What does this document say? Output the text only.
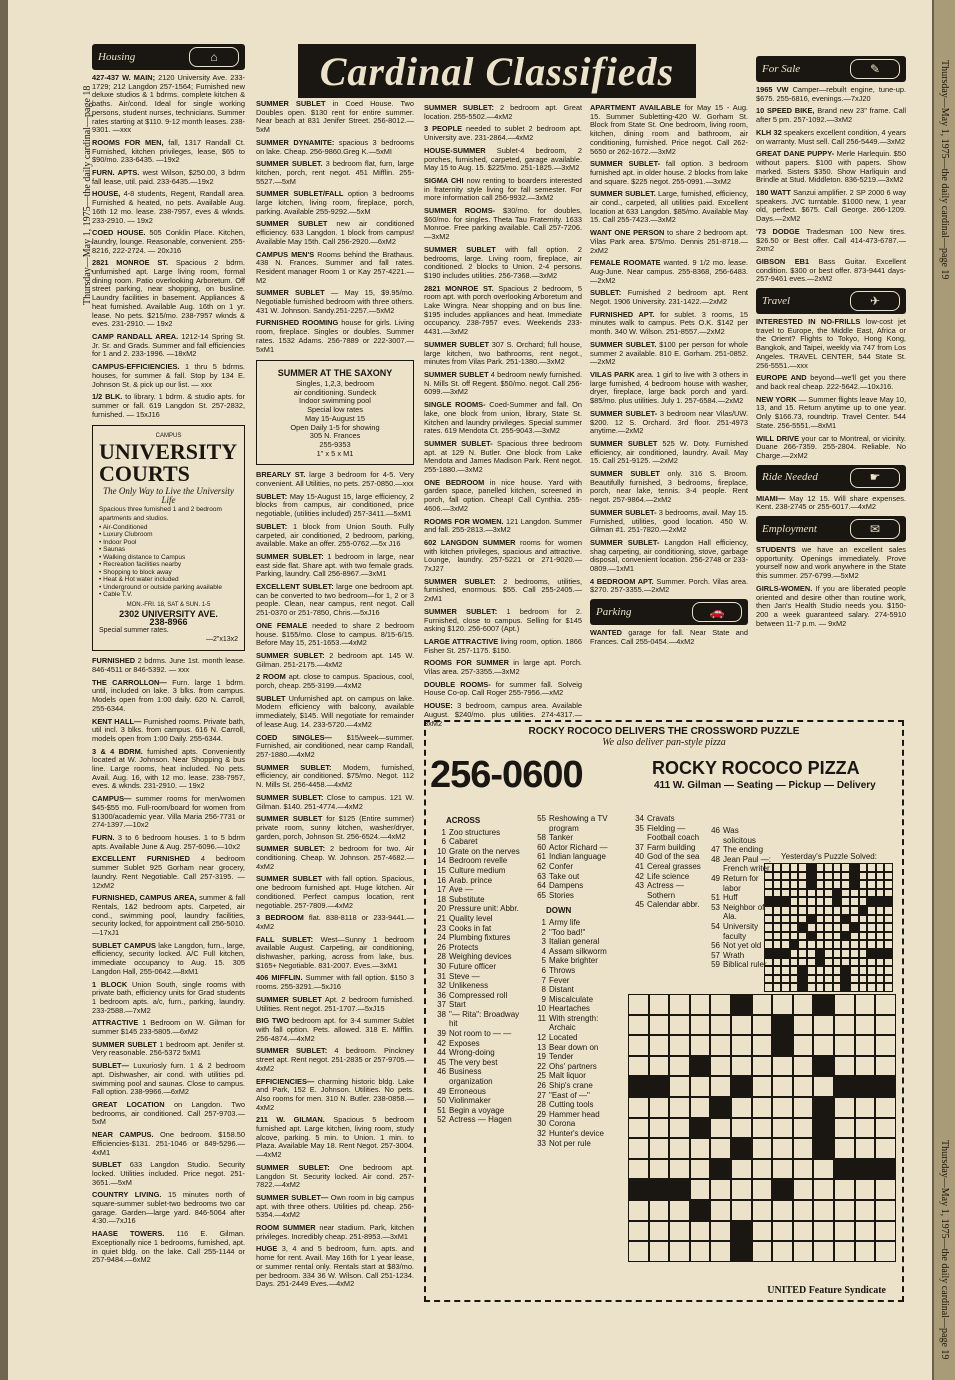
Thursday—May 1, 1975—the daily cardinal—page 18	Thursday—May 1, 1975—the daily cardinal—page 19
Thursday—May 1, 1975—the daily cardinal—page 19
Cardinal Classifieds
Housing	⌂
427-437 W. MAIN; 2120 University Ave. 233-1729; 212 Langdon 257-1564; Furnished new deluxe studios & 1 bdrms. complete kitchen & baths. Air/cond. Ideal for single working persons, student nurses, technicians. Summer rates starting at $110. 9-12 month leases. 238-9301. —xxx
ROOMS FOR MEN, fall, 1317 Randall Ct. Furnished, kitchen privileges, lease, $65 to $90/mo. 233-6435. —19x2
FURN. APTS. west Wilson, $250.00, 3 bdrm fall lease, util. paid. 233-6435.—19x2
HOUSE, 4-8 students, Regent, Randall area. Furnished & heated, no pets. Available Aug. 16th 12 mo. lease. 238-7957, eves & wknds. 233-2910. — 19x2
COED HOUSE. 505 Conklin Place. Kitchen, laundry, lounge. Reasonable, convenient. 255-8216, 222-2724. — 20xJ16
2821 MONROE ST. Spacious 2 bdrm. unfurnished apt. Large living room, formal dining room. Patio overlooking Arboretum. Off street parking, near shopping, on busline. Laundry facilities in basement. Appliances & heat furnished. Available Aug. 16th on 1 yr. lease. No pets. $215/mo. 238-7957 wknds & eves. 231-2910. — 19x2
CAMP RANDALL AREA. 1212-14 Spring St. Jr. Sr. and Grads. Summer and fall efficiencies for 1 and 2. 233-1996. —18xM2
CAMPUS-EFFICIENCIES. 1 thru 5 bdrms. houses, for summer & fall. Stop by 134 E. Johnson St. & pick up our list. — xxx
1/2 BLK. to library. 1 bdrm. & studio apts. for summer or fall. 619 Langdon St. 257-2832, furnished. — 15xJ16
CAMPUS
UNIVERSITY COURTS
The Only Way to Live the University Life
Spacious three furnished 1 and 2 bedroom apartments and studios.
• Air-Conditioned
• Luxury Clubroom
• Indoor Pool
• Saunas
• Walking distance to Campus
• Recreation facilities nearby
• Shopping to block away
• Heat & Hot water included
• Underground or outside parking available
• Cable T.V.
MON.-FRI. 18, SAT & SUN. 1-5
2302 UNIVERSITY AVE.
238-8966
Special summer rates.
—2"x13x2
FURNISHED 2 bdrms. June 1st. month lease. 846-4511 or 846-5392. — xxx
THE CARROLLON— Furn. large 1 bdrm. until, included on lake. 3 blks. from campus. Models open from 1:00 daily. 620 N. Carroll, 255-6344.
KENT HALL— Furnished rooms. Private bath, util incl. 3 blks. from campus. 616 N. Carroll, models open from 1:00 Daily. 255-6344.
3 & 4 BDRM. furnished apts. Conveniently located at W. Johnson. Near Shopping & bus line. Large rooms, heat included. No pets. Avail. Aug. 16, with 12 mo. lease. 238-7957, eves. & wknds. 231-2910. — 19x2
CAMPUS— summer rooms for men/women $45-$55 mo. Full-room/board for women from $1300/academic year. Villa Maria 256-7731 or 274-1397.—10x2
FURN. 3 to 6 bedroom houses. 1 to 5 bdrm apts. Available June & Aug. 257-6096.—10x2
EXCELLENT FURNISHED 4 bedroom summer Sublet 925 Gorham near grocery, laundry. Rent Negotiable. Call 257-3195. — 12xM2
FURNISHED, CAMPUS AREA, summer & fall Rentals, 1&2 bedroom apts. Carpeted, air cond., swimming pool, laundry facilities, security locked, for appointment call 256-5010. —17xJ1
SUBLET CAMPUS lake Langdon, furn., large, efficiency, security locked. A/C Full kitchen, immediate occupancy to Aug. 15. 305 Langdon Hall, 255-0642.—8xM1
1 BLOCK Union South, single rooms with private bath, efficiency units for Grad students 1 bedroom apts. a/c, furn., parking, laundry. 233-2588.—7xM2
ATTRACTIVE 1 Bedroom on W. Gilman for summer $145 233-5805.—6xM2
SUMMER SUBLET 1 bedroom apt. Jenifer st. Very reasonable. 256-5372 5xM1
SUBLET— Luxuriosly furn. 1 & 2 bedroom apt. Dishwasher, air cond. with utilities pd. swimming pool and saunas. Close to campus. Fall option. 238-9966.—6xM2
GREAT LOCATION on Langdon. Two bedrooms, air conditioned. Call 257-9703.—5xM
NEAR CAMPUS. One bedroom. $158.50 Efficiencies-$131. 251-1046 or 849-5296.—4xM1
SUBLET 633 Langdon Studio. Security locked. Utilities included. Price negot. 251-3651.—5xM
COUNTRY LIVING. 15 minutes north of square-summer sublet-two bedrooms two car garage. Garden—large yard. 846-5064 after 4:30.—7xJ16
HAASE TOWERS. 116 E. Gilman. Exceptionally nice 1 bedrooms, furnished, apt. in quiet bldg. on the lake. Call 255-1144 or 257-9484.—6xM2
SUMMER SUBLET in Coed House. Two Doubles open. $130 rent for entire summer. Near beach at 831 Jenifer Street. 256-8012.—5xM
SUMMER DYNAMITE: spacious 3 bedrooms on lake. Cheap. 256-9860.Greg K.—5xMI
SUMMER SUBLET. 3 bedroom flat, furn, large kitchen, porch, rent negot. 451 Mifflin. 255-5527.—5xM
SUMMER SUBLET/FALL option 3 bedrooms large kitchen, living room, fireplace, porch, parking. Available 255-9292.—5xM
SUMMER SUBLET new air conditioned efficiency. 633 Langdon. 1 block from campus! Available May 15th. Call 256-2920.—6xM2
CAMPUS MEN'S Rooms behind the Brathaus. 438 N. Frances. Summer and fall rates. Resident manager Room 1 or Kay 257-4221.—M2
SUMMER SUBLET — May 15, $9.95/mo. Negotiable furnished bedroom with three others. 431 W. Johnson. Sandy.251-2257.—5xM2
FURNISHED ROOMING house for girls. Living room, fireplace. Singles or doubles. Summer rates. 1532 Adams. 256-7889 or 222-3007.—5xM1
SUMMER AT THE SAXONY
Singles, 1,2,3, bedroom
air conditioning. Sundeck
Indoor swimming pool
Special low rates
May 15-August 15
Open Daily 1-5 for showing
305 N. Frances
255-9353
1" x 5 x M1
BREARLY ST. large 3 bedroom for 4-5. Very convenient. All Utilities, no pets. 257-0850.—xxx
SUBLET: May 15-August 15, large efficiency, 2 blocks from campus, air conditioned, price negotiable, (utilities included) 257-3411.—5xM1
SUBLET: 1 block from Union South. Fully carpeted, air conditioned, 2 bedroom, parking, available. Make an offer. 255-0762.—5x J16
SUMMER SUBLET: 1 bedroom in large, near east side flat. Share apt. with two female grads. Parking, laundry. Call 256-8967.—3xM1
EXCELLENT SUBLET: large one bedroom apt. can be converted to two bedroom—for 1, 2 or 3 people. Clean, near campus, rent negot. Call 251-0370 or 251-7850, Chris.—5xJ16
ONE FEMALE needed to share 2 bedroom house. $155/mo. Close to campus. 8/15-6/15. Before May 15, 251-1653.—4xM2
SUMMER SUBLET: 2 bedroom apt. 145 W. Gilman. 251-2175.—4xM2
2 ROOM apt. close to campus. Spacious, cool, porch, cheap. 255-3199.—4xM2
SUBLET Unfurnished apt. on campus on lake. Modern efficiency with balcony, available immediately, $145. Will negotiate for remainder of lease Aug. 14. 233-5720.—4xM2
COED SINGLES— $15/week—summer. Furnished, air conditioned, near camp Randall, 257-1880.—4xM2
SUMMER SUBLET: Modern, furnished, efficiency, air conditioned. $75/mo. Negot. 112 N. Mills St. 256-4458.—4xM2
SUMMER SUBLET: Close to campus. 121 W. Gilman. $140. 251-4774.—4xM2
SUMMER SUBLET for $125 (Entire summer) private room, sunny kitchen, washer/dryer, garden, porch, Johnson St. 256-6524.—4xM2
SUMMER SUBLET: 2 bedroom for two. Air conditioning. Cheap. W. Johnson. 257-4682.—4xM2
SUMMER SUBLET with fall option. Spacious, one bedroom furnished apt. Huge kitchen. Air conditioned. Perfect campus location, rent negotiable. 257-7809.—4xM2
3 BEDROOM flat. 838-8118 or 233-9441.—4xM2
FALL SUBLET: West—Sunny 1 bedroom available August. Carpeting, air conditioning, dishwasher, parking, across from lake, bus. $165+ Negotiable. 831-2007. Eves.—3xM1
406 MIFFLIN. Summer with fall option. $150 3 rooms. 255-3291.—5xJ16
SUMMER SUBLET Apt. 2 bedroom furnished. Utilities. Rent negot. 251-1707.—5xJ15
BIG TWO bedroom apt. for 3-4 summer Sublet with fall option. Pets. allowed. 318 E. Mifflin. 256-4874.—4xM2
SUMMER SUBLET: 4 bedroom. Pinckney street apt. Rent negot. 251-2835 or 257-9705.—4xM2
EFFICIENCIES— charming historic bldg. Lake and Park, 152 E. Johnson. Utilities. No pets. Also rooms for men. 310 N. Butler. 238-0858.—4xM2
211 W. GILMAN. Spacious 5 bedroom furnished apt. Large kitchen, living room, study alcove, parking. 5 min. to Union. 1 min. to Plaza. Available May 18. Rent Negot. 257-3004.—4xM2
SUMMER SUBLET: One bedroom apt. Langdon St. Security locked. Air cond. 257-7822.—4xM2
SUMMER SUBLET— Own room in big campus apt. with three others. Utilities pd. cheap. 256-5354.—4xM2
ROOM SUMMER near stadium. Park, kitchen privileges. Incredibly cheap. 251-8953.—3xM1
HUGE 3, 4 and 5 bedroom, furn. apts. and home for rent. Avail. May 16th for 1 year lease, or summer rental only. Rentals start at $83/mo. per bedroom. 334 36 W. Wilson. Call 251-1234. Days. 251-2449 Eves.—4xM2
SUMMER SUBLET: 2 bedroom apt. Great location. 255-5502.—4xM2
3 PEOPLE needed to sublet 2 bedroom apt. University ave. 231-2864.—4xM2
HOUSE-SUMMER Sublet-4 bedroom, 2 porches, furnished, carpeted, garage available. May 15 to Aug. 15. $225/mo. 251-1825.—3xM2
SIGMA CHI now renting to boarders interested in fraternity style living for fall semester. For more information call 256-9932.—3xM2
SUMMER ROOMS- $30/mo. for doubles, $60/mo. for singles. Theta Tau Fraternity. 1633 Monroe. Free parking available. Call 257-7206.—3xM2
SUMMER SUBLET with fall option. 2 bedrooms, large. Living room, fireplace, air conditioned. 2 blocks to Union. 2-4 persons. $190 includes utilities. 256-7368.—3xM2
2821 MONROE ST. Spacious 2 bedroom, 5 room apt. with porch overlooking Arboretum and Lake Wingra. Near shopping and on bus line. $195 includes appliances and heat. Immediate occupancy. 238-7957 eves. Weekends 233-4431.—3xM2
SUMMER SUBLET 307 S. Orchard; full house, large kitchen, two bathrooms, rent negot., minutes from Vilas Park. 251-1380.—3xM2
SUMMER SUBLET 4 bedroom newly furnished. N. Mills St. off Regent. $50/mo. negot. Call 256-6099.—3xM2
SINGLE ROOMS- Coed-Summer and fall. On lake, one block from union, library, State St. Kitchen and laundry privileges. Special summer rates. 619 Mendota Ct. 255-9043.—3xM2
SUMMER SUBLET- Spacious three bedroom apt. at 129 N. Butler. One block from Lake Mendota and James Madison Park. Rent negot. 255-1880.—3xM2
ONE BEDROOM in nice house. Yard with garden space, panelled kitchen, screened in porch, fall option. Cheap! Call Cynthia. 255-4606.—3xM2
ROOMS FOR WOMEN. 121 Langdon. Summer and fall. 255-2813.—3xM2
602 LANGDON SUMMER rooms for women with kitchen privileges, spacious and attractive. Lounge, laundry. 257-5221 or 271-9020.—7xJ27
SUMMER SUBLET: 2 bedrooms, utilities, furnished, enormous. $55. Call 255-2405.—2xM1
SUMMER SUBLET: 1 bedroom for 2. Furnished, close to campus. Selling for $145 asking $120. 256-6007 (Apt.)
LARGE ATTRACTIVE living room, option. 1866 Fisher St. 257-1175. $150.
ROOMS FOR SUMMER in large apt. Porch. Vilas area. 257-3355.—3xM2
DOUBLE ROOMS- for summer fall. Solveig House Co-op. Call Roger 255-7956.—xM2
HOUSE: 3 bedroom, campus area. Available August. $240/mo. plus utilities. 274-4317.—3xM2
APARTMENT AVAILABLE for May 15 - Aug. 15. Summer Subletting-420 W. Gorham St. Block from State St. One bedroom, living room, kitchen, dining room and bathroom, air conditioning, furnished. Price negot. Call 262-5650 or 262-1672.—3xM2
SUMMER SUBLET- fall option. 3 bedroom furnished apt. in older house. 2 blocks from lake and square. $225 negot. 255-0991.—3xM2
SUMMER SUBLET. Large, furnished, efficiency, air cond., carpeted, all utilities paid. Excellent location at 633 Langdon. $85/mo. Available May 15. Call 255-7423.—3xM2
WANT ONE PERSON to share 2 bedroom apt. Vilas Park area. $75/mo. Dennis 251-8718.—2xM2
FEMALE ROOMATE wanted. 9 1/2 mo. lease. Aug-June. Near campus. 255-8368, 256-6483.—2xM2
SUBLET: Furnished 2 bedroom apt. Rent Negot. 1906 University. 231-1422.—2xM2
FURNISHED APT. for sublet. 3 rooms, 15 minutes walk to campus. Pets O.K. $142 per month. 340 W. Wilson. 251-8557.—2xM2
SUMMER SUBLET. $100 per person for whole summer 2 available. 810 E. Gorham. 251-0852.—2xM2
VILAS PARK area. 1 girl to live with 3 others in large furnished, 4 bedroom house with washer, dryer, fireplace, large back porch and yard. $85/mo. plus utilities. July 1. 257-6584.—2xM2
SUMMER SUBLET- 3 bedroom near Vilas/UW. $200. 12 S. Orchard. 3rd floor. 251-4973 anytime.—2xM2
SUMMER SUBLET 525 W. Doty. Furnished efficiency, air conditioned, laundry. Avail. May 15. Call 251-9125. —2xM2
SUMMER SUBLET only. 316 S. Broom. Beautifully furnished, 3 bedrooms, fireplace, porch, near lake, tennis. 3-4 people. Rent negot. 257-9864.—2xM2
SUMMER SUBLET- 3 bedrooms, avail. May 15. Furnished, utilities, good location. 450 W. Gilman #1. 251-7820.—2xM2
SUMMER SUBLET- Langdon Hall efficiency, shag carpeting, air conditioning, stove, garbage disposal, convenient location. 256-2748 or 233-0809.—1xM1
4 BEDROOM APT. Summer. Porch. Vilas area. $270. 257-3355.—2xM2
Parking	🚗
WANTED garage for fall. Near State and Frances. Call 255-0454.—4xM2
For Sale	✎
1965 VW Camper—rebuilt engine, tune-up. $675. 255-6816, evenings.—7xJ20
10 SPEED BIKE, Brand new 23" frame. Call after 5 pm. 257-1092.—3xM2
KLH 32 speakers excellent condition, 4 years on warranty. Must sell. Call 256-5449.—3xM2
GREAT DANE PUPPY- Merle Harlequin. $50 without papers. $100 with papers. Show marked. Sisters $350. Show Harliquin and Brindle at Stud. Middleton. 836-5219.—3xM2
180 WATT Sanzui amplifier. 2 SP 2000 6 way speakers. JVC turntable. $1000 new, 1 year old, perfect. $675. Call George. 266-1209. Days.—2xM2
'73 DODGE Tradesman 100 New tires. $26.50 or Best offer. Call 414-473-6787.—2xm2
GIBSON EB1 Bass Guitar. Excellent condition. $300 or best offer. 873-9441 days-257-9461 eves.—2xM2
Travel	✈
INTERESTED IN NO-FRILLS low-cost jet travel to Europe, the Middle East, Africa or the Orient? Flights to Tokyo, Hong Kong, Bangkok, and Taipei, weekly via 747 from Los Angeles. TRAVEL CENTER, 544 State St. 256-5551.—xxx
EUROPE AND beyond—we'll get you there and back real cheap. 222-5642.—10xJ16.
NEW YORK — Summer flights leave May 10, 13, and 15. Return anytime up to one year. Only $166.73, roundtrip. Travel Center. 544 State. 256-5551.—8xM1
WILL DRIVE your car to Montreal, or vicinity. Duane 266-7359. 255-2804. Reliable. No Charge.—2xM2
Ride Needed	☛
MIAMI— May 12 15. Will share expenses. Kent. 238-2745 or 255-6017.—4xM2
Employment	✉
STUDENTS we have an excellent sales opportunity. Openings immediately. Prove yourself now and work anywhere in the State this summer. 257-6799.—5xM2
GIRLS-WOMEN. If you are liberated people oriented and desire other than routine work, then Jan's Health Studio needs you. $150-200 a week guaranteed salary. 274-5910 between 11-7 p.m. — 9xM2
ROCKY ROCOCO DELIVERS THE CROSSWORD PUZZLE
We also deliver pan-style pizza
256-0600	ROCKY ROCOCO PIZZA
411 W. Gilman — Seating — Pickup — Delivery
ACROSS
1 Zoo structures
6 Cabaret
10 Grate on the nerves
14 Bedroom revelle
15 Culture medium
16 Arab. prince
17 Ave —
18 Substitute
20 Pressure unit: Abbr.
21 Quality level
23 Cooks in fat
24 Plumbing fixtures
26 Protects
28 Weighing devices
30 Future officer
31 Steve —
32 Unlikeness
36 Compressed roll
37 Start
38 "— Rita": Broadway hit
39 Not room to — —
42 Exposes
44 Wrong-doing
45 The very best
46 Business organization
49 Erroneous
50 Violinmaker
51 Begin a voyage
52 Actress — Hagen
55 Reshowing a TV program
58 Tanker
60 Actor Richard —
61 Indian language
62 Confer
63 Take out
64 Dampens
65 Stories
DOWN
1 Army life
2 "Too bad!"
3 Italian general
4 Assam silkworm
5 Make brighter
6 Throws
7 Fever
8 Distant
9 Miscalculate
10 Heartaches
11 With strength: Archaic
12 Located
13 Bear down on
19 Tender
22 Ohs' partners
25 Malt liquor
26 Ship's crane
27 "East of —"
28 Cutting tools
29 Hammer head
30 Corona
32 Hunter's device
33 Not per rule
34 Cravats
35 Fielding — Football coach
37 Farm building
40 God of the sea
41 Cereal grasses
42 Life science
43 Actress — Sothern
45 Calendar abbr.
46 Was solicitous
47 The ending
48 Jean Paul —: French writer
49 Return for labor
51 Huff
53 Neighbor of Ala.
54 University faculty
56 Not yet old
57 Wrath
59 Biblical ruler
Yesterday's Puzzle Solved:
UNITED Feature Syndicate
